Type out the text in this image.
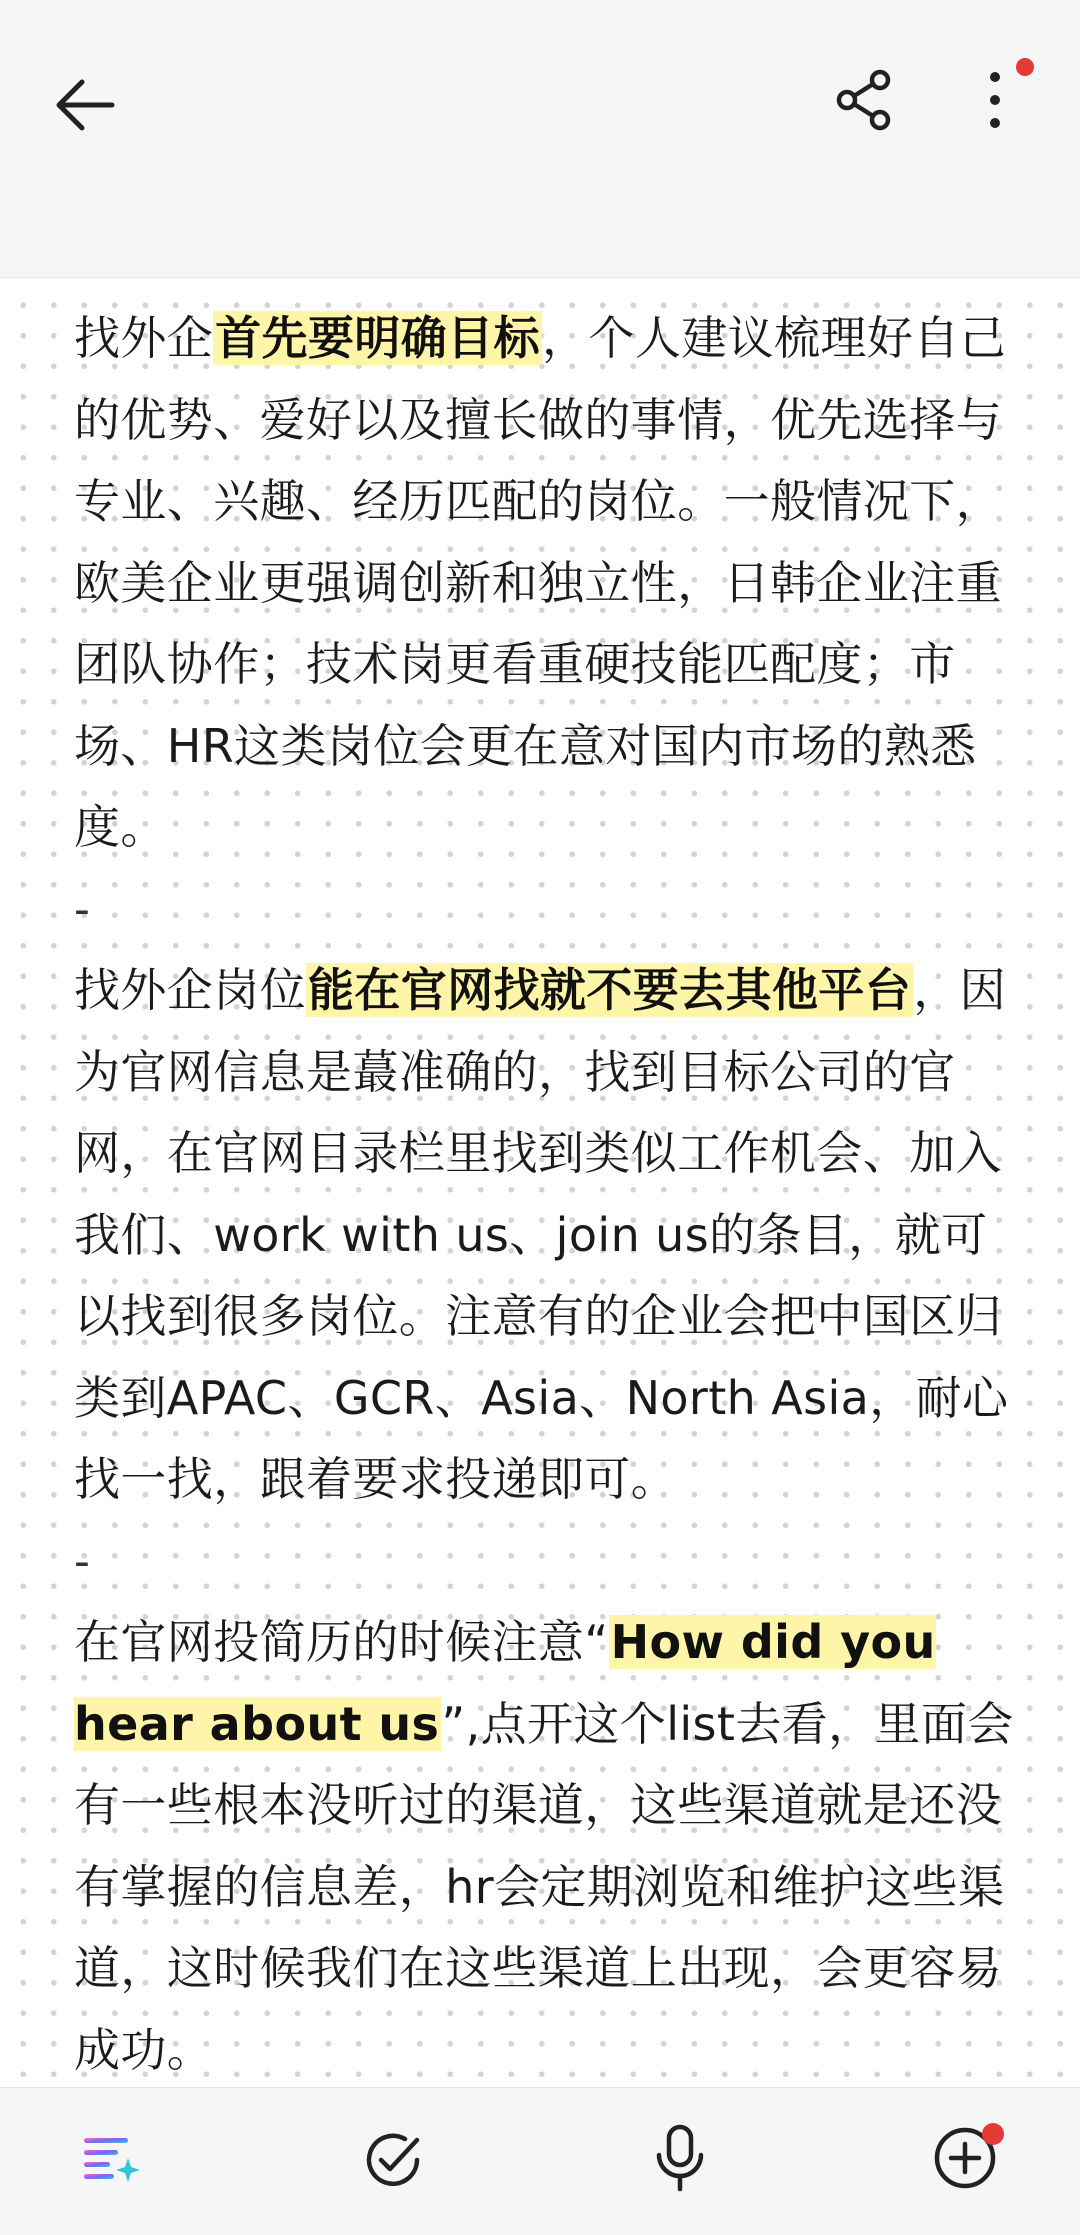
找外企首先要明确目标，个人建议梳理好自己的优势、爱好以及擅长做的事情，优先选择与 专业、兴趣、经历匹配的岗位。一般情况下，欧美企业更强调创新和独立性，日韩企业注重团队协作；技术岗更看重硬技能匹配度；市场、HR这类岗位会更在意对国内市场的熟悉度。

-

找外企岗位能在官网找就不要去其他平台，因为官网信息是蕞准确的，找到目标公司的官网，在官网目录栏里找到类似工作机会、加入我们、work with us、join us的条目，就可以找到很多岗位。注意有的企业会把中国区归类到APAC、GCR、Asia、North Asia，耐心找一找，跟着要求投递即可。

-

在官网投简历的时候注意“How did you hear about us”,点开这个list去看，里面会有一些根本没听过的渠道，这些渠道就是还没有掌握的信息差，hr会定期浏览和维护这些渠道，这时候我们在这些渠道上出现，会更容易成功。
